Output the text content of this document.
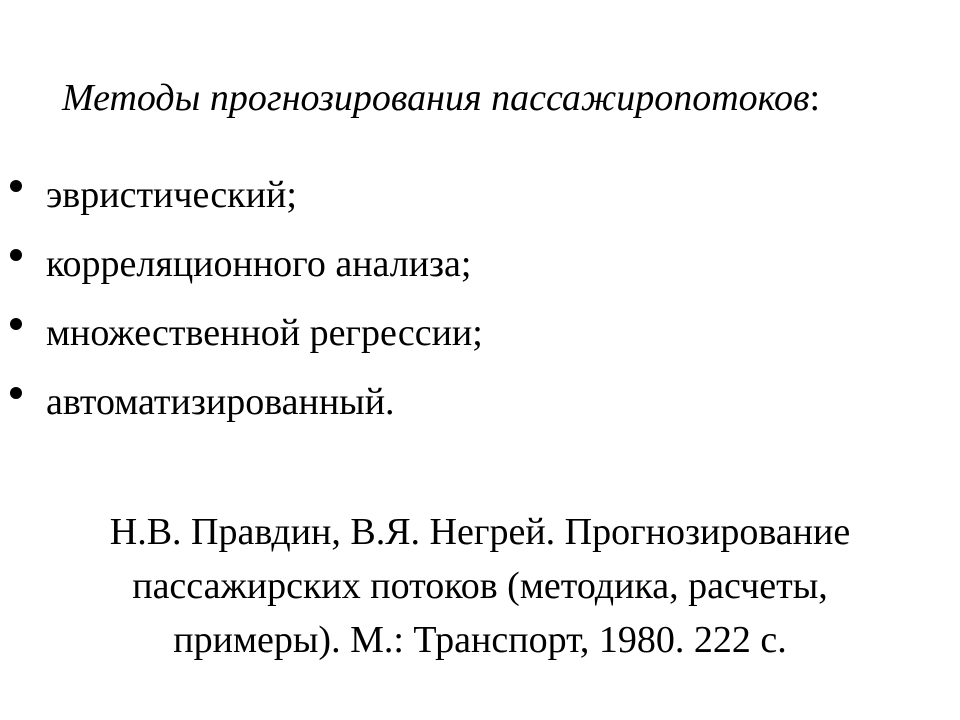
Методы прогнозирования пассажиропотоков:
эвристический;
корреляционного анализа;
множественной регрессии;
автоматизированный.
Н.В. Правдин, В.Я. Негрей. Прогнозирование
пассажирских потоков (методика, расчеты,
примеры). М.: Транспорт, 1980. 222 с.
